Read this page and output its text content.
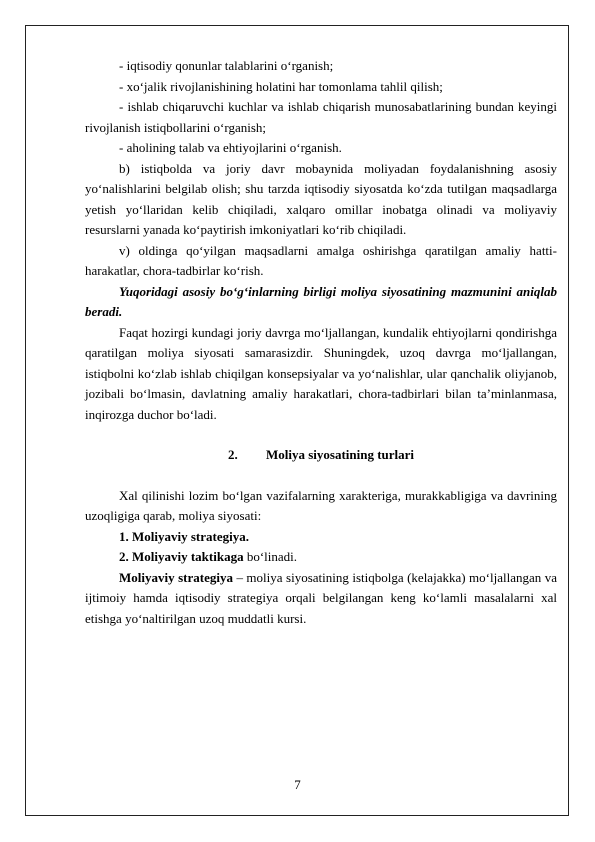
- iqtisodiy qonunlar talablarini o‘rganish;

- xo‘jalik rivojlanishining holatini har tomonlama tahlil qilish;

- ishlab chiqaruvchi kuchlar va ishlab chiqarish munosabatlarining bundan keyingi rivojlanish istiqbollarini o‘rganish;

- aholining talab va ehtiyojlarini o‘rganish.

b) istiqbolda va joriy davr mobaynida moliyadan foydalanishning asosiy yo‘nalishlarini belgilab olish; shu tarzda iqtisodiy siyosatda ko‘zda tutilgan maqsadlarga yetish yo‘llaridan kelib chiqiladi, xalqaro omillar inobatga olinadi va moliyaviy resurslarni yanada ko‘paytirish imkoniyatlari ko‘rib chiqiladi.

v) oldinga qo‘yilgan maqsadlarni amalga oshirishga qaratilgan amaliy hatti-harakatlar, chora-tadbirlar ko‘rish.

Yuqoridagi asosiy bo‘g‘inlarning birligi moliya siyosatining mazmunini aniqlab beradi.

Faqat hozirgi kundagi joriy davrga mo‘ljallangan, kundalik ehtiyojlarni qondirishga qaratilgan moliya siyosati samarasizdir. Shuningdek, uzoq davrga mo‘ljallangan, istiqbolni ko‘zlab ishlab chiqilgan konsepsiyalar va yo‘nalishlar, ular qanchalik oliyjanob, jozibali bo‘lmasin, davlatning amaliy harakatlari, chora-tadbirlari bilan ta’minlanmasa, inqirozga duchor bo‘ladi.

2. Moliya siyosatining turlari

Xal qilinishi lozim bo‘lgan vazifalarning xarakteriga, murakkabligiga va davrining uzoqligiga qarab, moliya siyosati:

1. Moliyaviy strategiya.

2. Moliyaviy taktikaga bo‘linadi.

Moliyaviy strategiya – moliya siyosatining istiqbolga (kelajakka) mo‘ljallangan va ijtimoiy hamda iqtisodiy strategiya orqali belgilangan keng ko‘lamli masalalarni xal etishga yo‘naltirilgan uzoq muddatli kursi.

7
